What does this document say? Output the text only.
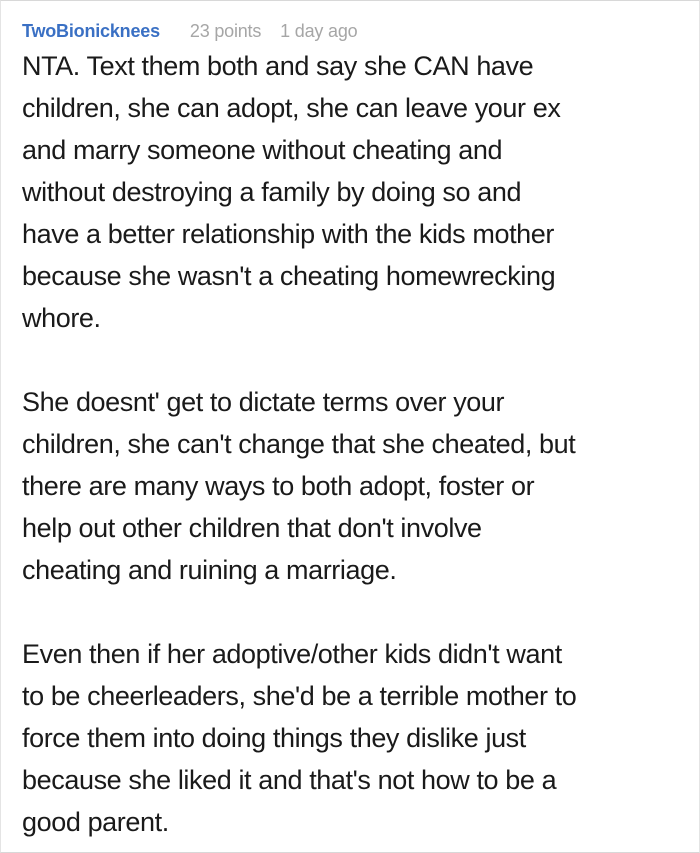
TwoBionicknees 23 points 1 day ago
NTA. Text them both and say she CAN have
children, she can adopt, she can leave your ex
and marry someone without cheating and
without destroying a family by doing so and
have a better relationship with the kids mother
because she wasn't a cheating homewrecking
whore.
She doesnt' get to dictate terms over your
children, she can't change that she cheated, but
there are many ways to both adopt, foster or
help out other children that don't involve
cheating and ruining a marriage.
Even then if her adoptive/other kids didn't want
to be cheerleaders, she'd be a terrible mother to
force them into doing things they dislike just
because she liked it and that's not how to be a
good parent.
